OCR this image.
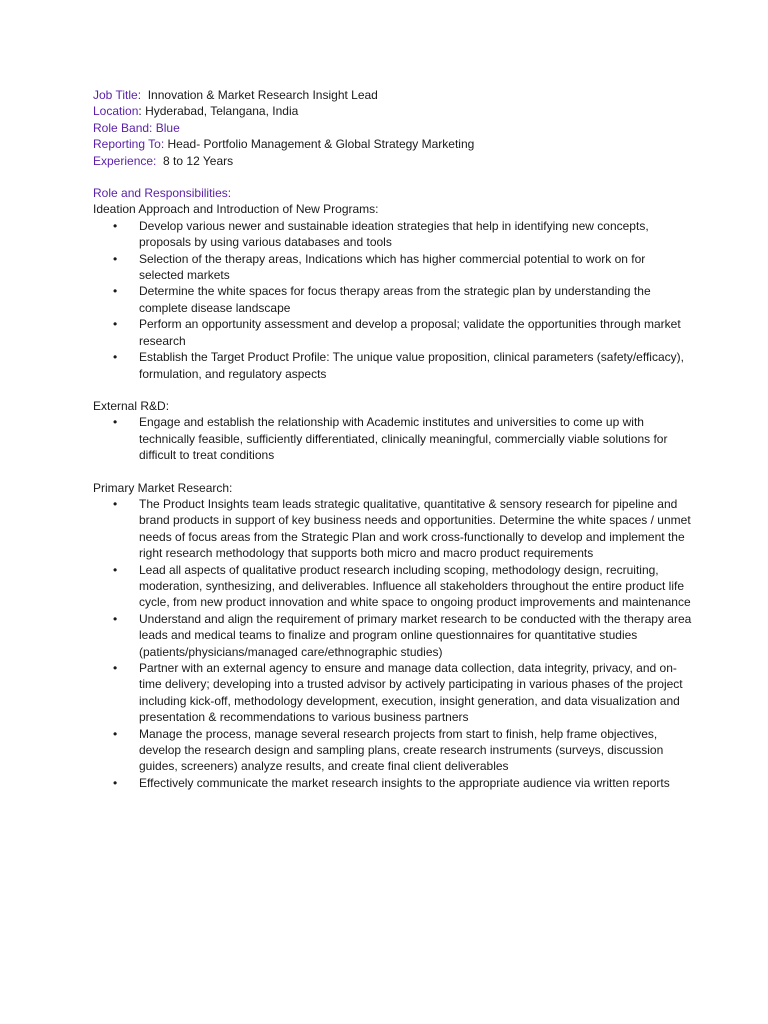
Job Title: Innovation & Market Research Insight Lead
Location: Hyderabad, Telangana, India
Role Band: Blue
Reporting To: Head- Portfolio Management & Global Strategy Marketing
Experience: 8 to 12 Years
Role and Responsibilities:
Ideation Approach and Introduction of New Programs:
• Develop various newer and sustainable ideation strategies that help in identifying new concepts, proposals by using various databases and tools
• Selection of the therapy areas, Indications which has higher commercial potential to work on for selected markets
• Determine the white spaces for focus therapy areas from the strategic plan by understanding the complete disease landscape
• Perform an opportunity assessment and develop a proposal; validate the opportunities through market research
• Establish the Target Product Profile: The unique value proposition, clinical parameters (safety/efficacy), formulation, and regulatory aspects
External R&D:
• Engage and establish the relationship with Academic institutes and universities to come up with technically feasible, sufficiently differentiated, clinically meaningful, commercially viable solutions for difficult to treat conditions
Primary Market Research:
• The Product Insights team leads strategic qualitative, quantitative & sensory research for pipeline and brand products in support of key business needs and opportunities. Determine the white spaces / unmet needs of focus areas from the Strategic Plan and work cross-functionally to develop and implement the right research methodology that supports both micro and macro product requirements
• Lead all aspects of qualitative product research including scoping, methodology design, recruiting, moderation, synthesizing, and deliverables. Influence all stakeholders throughout the entire product life cycle, from new product innovation and white space to ongoing product improvements and maintenance
• Understand and align the requirement of primary market research to be conducted with the therapy area leads and medical teams to finalize and program online questionnaires for quantitative studies (patients/physicians/managed care/ethnographic studies)
• Partner with an external agency to ensure and manage data collection, data integrity, privacy, and on-time delivery; developing into a trusted advisor by actively participating in various phases of the project including kick-off, methodology development, execution, insight generation, and data visualization and presentation & recommendations to various business partners
• Manage the process, manage several research projects from start to finish, help frame objectives, develop the research design and sampling plans, create research instruments (surveys, discussion guides, screeners) analyze results, and create final client deliverables
• Effectively communicate the market research insights to the appropriate audience via written reports
